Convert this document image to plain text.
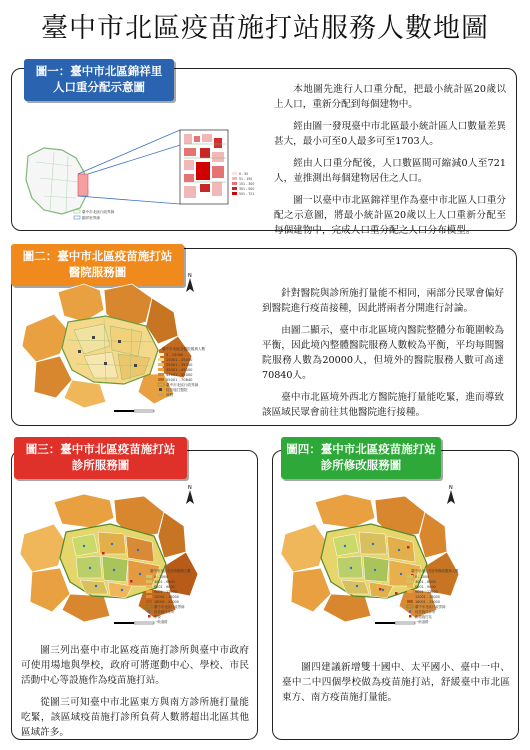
臺中市北區疫苗施打站服務人數地圖
圖一：臺中市北區錦祥里
人口重分配示意圖	本地圖先進行人口重分配，把最小統計區20歲以上人口，重新分配到每個建物中。

經由圖一發現臺中市北區最小統計區人口數量差異甚大，最小可至0人最多可至1703人。

經由人口重分配後，人口數區間可縮減0人至721人，並推測出每個建物居住之人口。

圖一以臺中市北區錦祥里作為臺中市北區人口重分配之示意圖，將最小統計區20歲以上人口重新分配至每個建物中，完成人口重分配之人口分布模型。

臺中市北區行政界線
錦祥里界線
0 - 50
51 - 150
151 - 300
301 - 500
501 - 721
圖二：臺中市北區疫苗施打站
醫院服務圖

針對醫院與診所施打量能不相同，兩部分民眾會偏好到醫院進行疫苗接種，因此將兩者分開進行討論。

由圖二顯示，臺中市北區境內醫院整體分布範圍較為平衡，因此境內整體醫院服務人數較為平衡，平均每間醫院服務人數為20000人，但境外的醫院服務人數可高達70840人。

臺中市北區境外西北方醫院施打量能吃緊，進而導致該區域民眾會前往其他醫院進行接種。

N
臺中市北區各醫院服務人數
0 - 15000
15001 - 25000
25001 - 35000
35001 - 45000
45001 - 55000
55001 - 70840
臺中市北區行政界線
疫苗施打醫院
道路
圖三：臺中市北區疫苗施打站
診所服務圖
N
臺中市北區各診所服務人數
0 - 3000
3001 - 6000
6001 - 9000
9001 - 12000
12001 - 18000
18001 - 25000
臺中市北區行政界線
疫苗施打診所
學校
一般道路

圖三列出臺中市北區疫苗施打診所與臺中市政府可使用場地與學校，政府可將運動中心、學校、市民活動中心等設施作為疫苗施打站。

從圖三可知臺中市北區東方與南方診所施打量能吃緊，該區域疫苗施打診所負荷人數將超出北區其他區域許多。

圖四：臺中市北區疫苗施打站
診所修改服務圖
N
臺中市北區各診所修改服務人數
0 - 3000
3001 - 6000
6001 - 9000
9001 - 12000
12001 - 18000
18001 - 25000
臺中市北區行政界線
疫苗施打診所
新增施打站
一般道路

圖四建議新增雙十國中、太平國小、臺中一中、臺中二中四個學校做為疫苗施打站，舒緩臺中市北區東方、南方疫苗施打量能。
